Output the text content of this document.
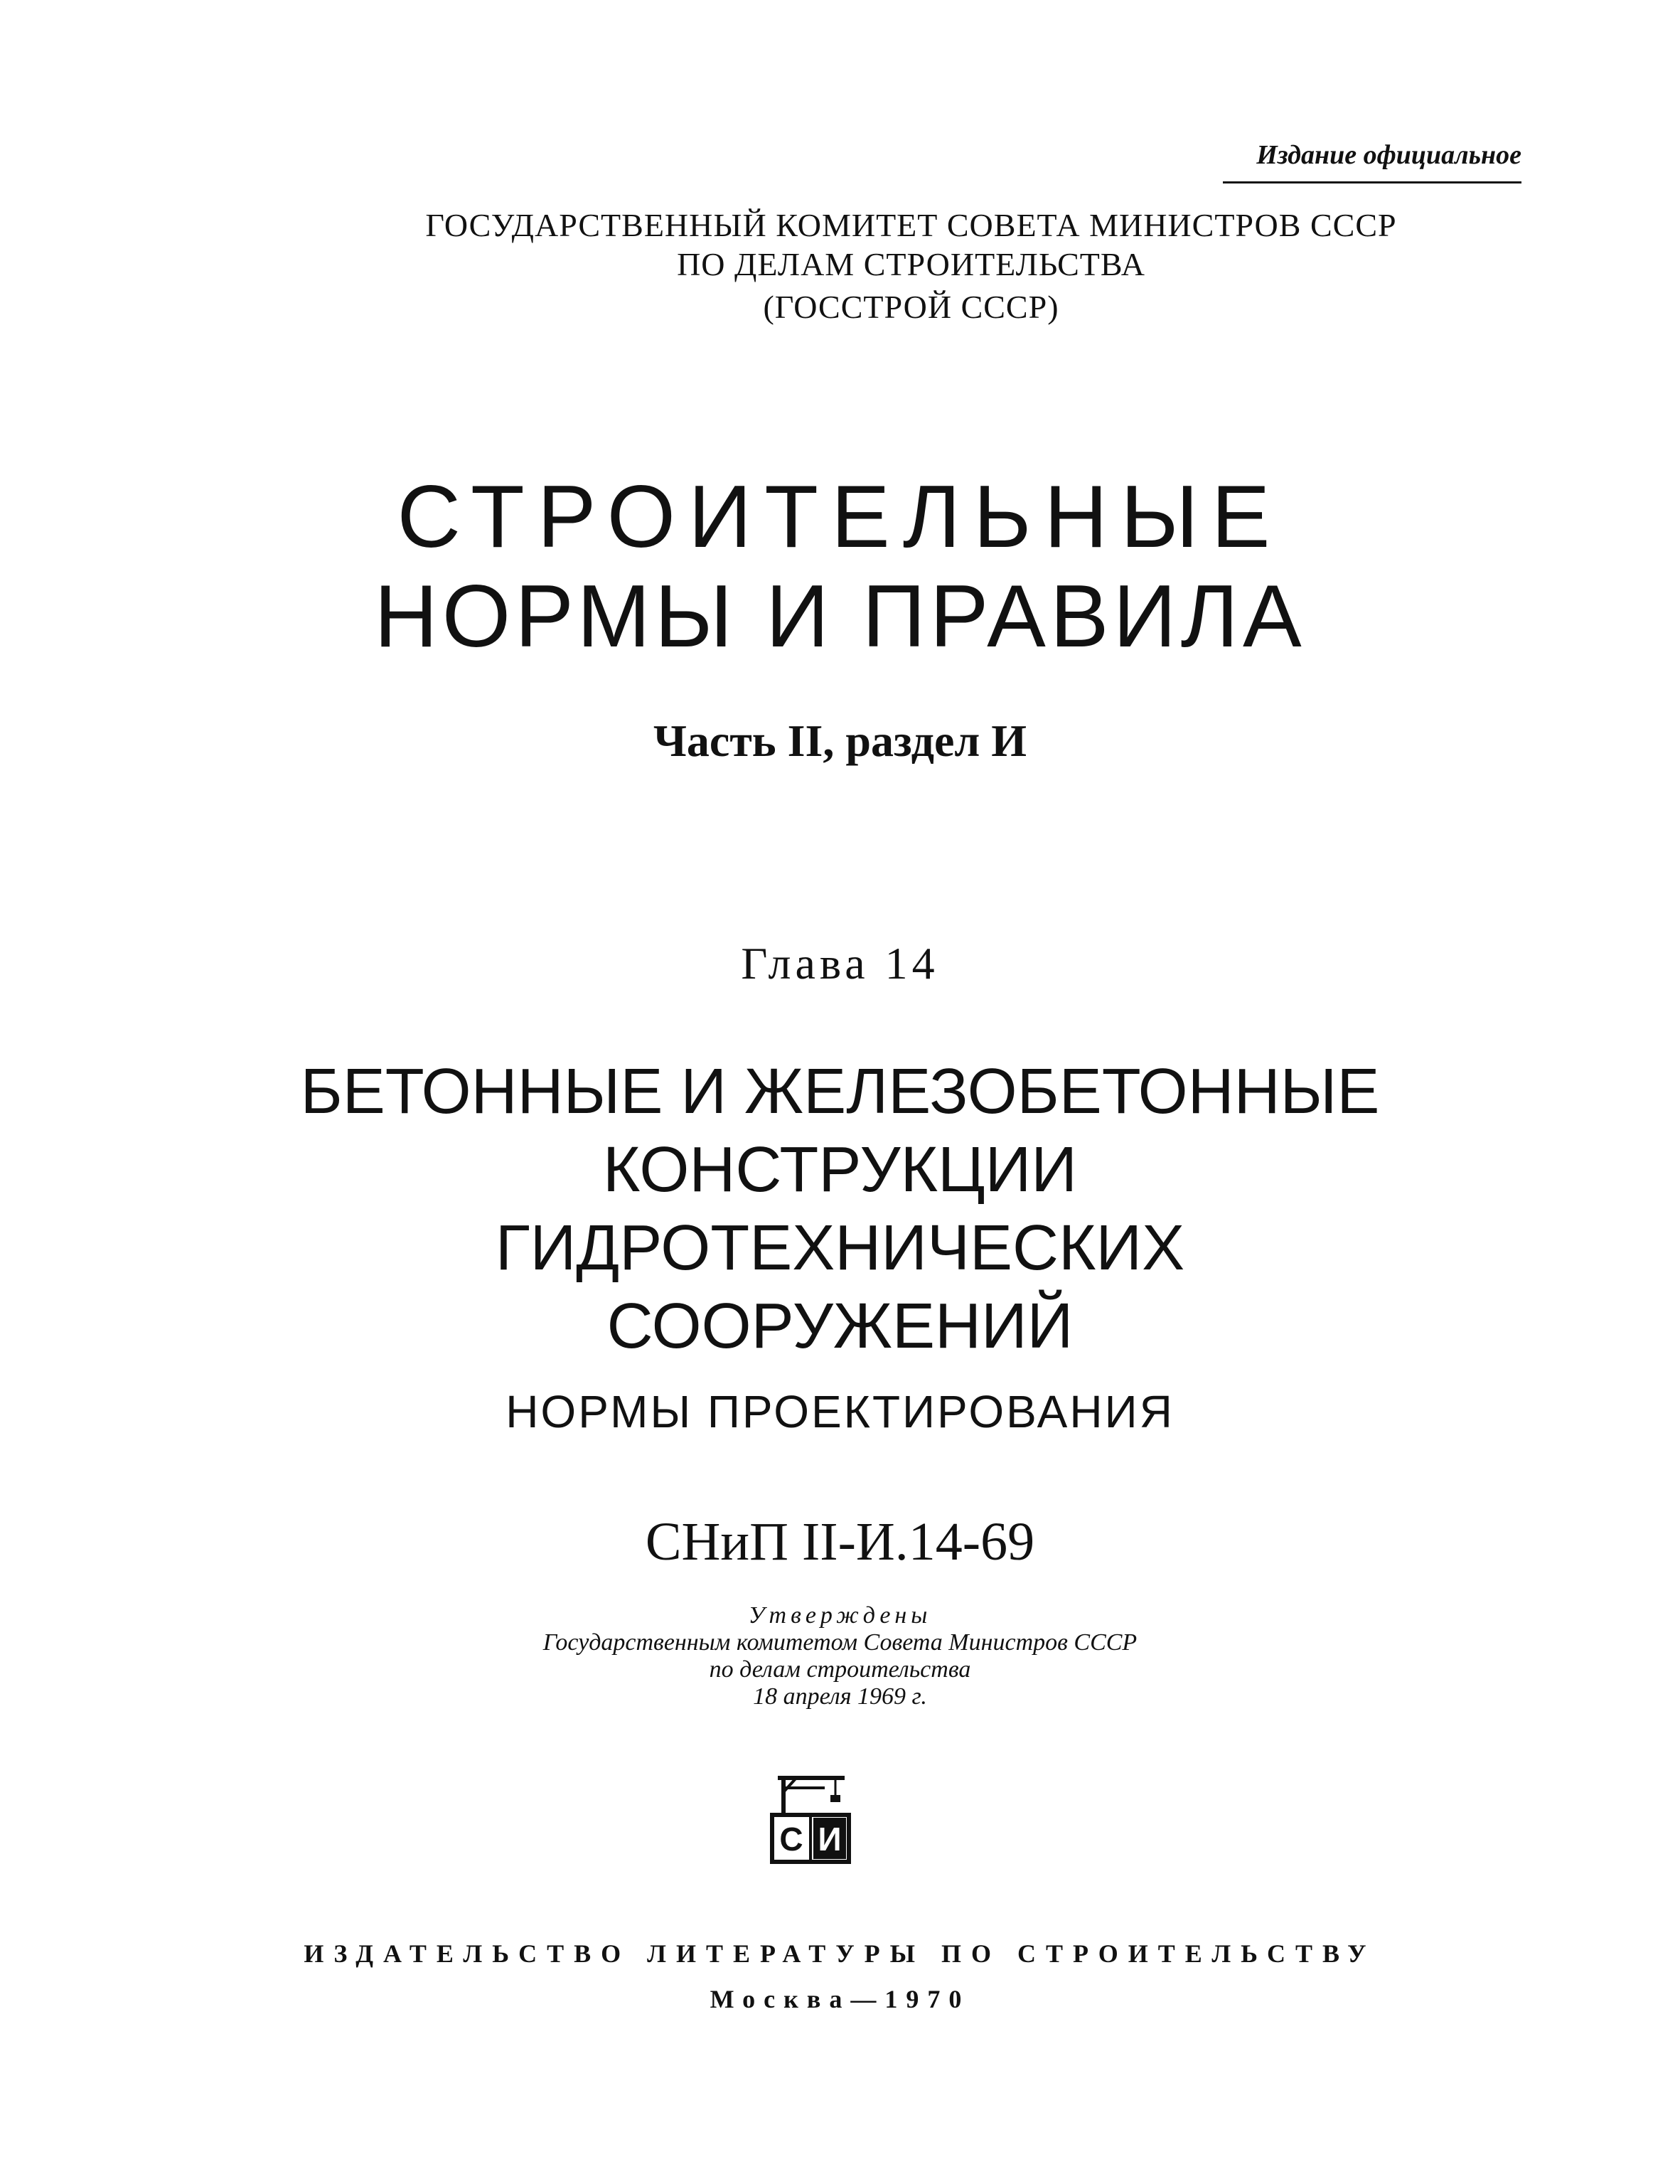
Издание официальное
ГОСУДАРСТВЕННЫЙ КОМИТЕТ СОВЕТА МИНИСТРОВ СССР
ПО ДЕЛАМ СТРОИТЕЛЬСТВА
(ГОССТРОЙ СССР)
СТРОИТЕЛЬНЫЕ
НОРМЫ И ПРАВИЛА
Часть II, раздел И
Глава 14
БЕТОННЫЕ И ЖЕЛЕЗОБЕТОННЫЕ
КОНСТРУКЦИИ
ГИДРОТЕХНИЧЕСКИХ
СООРУЖЕНИЙ
НОРМЫ ПРОЕКТИРОВАНИЯ
СНиП II-И.14-69
Утверждены
Государственным комитетом Совета Министров СССР
по делам строительства
18 апреля 1969 г.
С И
ИЗДАТЕЛЬСТВО ЛИТЕРАТУРЫ ПО СТРОИТЕЛЬСТВУ
Москва—1970
